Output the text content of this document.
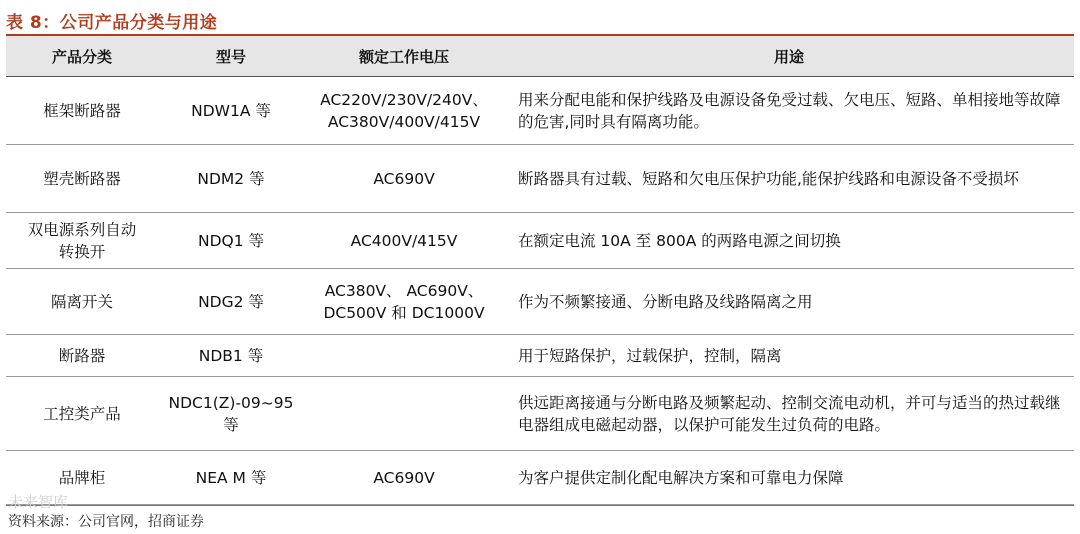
表 8：公司产品分类与用途
产品分类	型号	额定工作电压	用途
框架断路器	NDW1A 等	AC220V/230V/240V、AC380V/400V/415V	用来分配电能和保护线路及电源设备免受过载、欠电压、短路、单相接地等故障的危害,同时具有隔离功能。
塑壳断路器	NDM2 等	AC690V	断路器具有过载、短路和欠电压保护功能,能保护线路和电源设备不受损坏
双电源系列自动转换开	NDQ1 等	AC400V/415V	在额定电流 10A 至 800A 的两路电源之间切换
隔离开关	NDG2 等	AC380V、 AC690V、DC500V 和 DC1000V	作为不频繁接通、分断电路及线路隔离之用
断路器	NDB1 等		用于短路保护，过载保护，控制，隔离
工控类产品	NDC1(Z)-09~95 等		供远距离接通与分断电路及频繁起动、控制交流电动机，并可与适当的热过载继电器组成电磁起动器，以保护可能发生过负荷的电路。
品牌柜	NEA M 等	AC690V	为客户提供定制化配电解决方案和可靠电力保障
未来智库
资料来源：公司官网，招商证券
